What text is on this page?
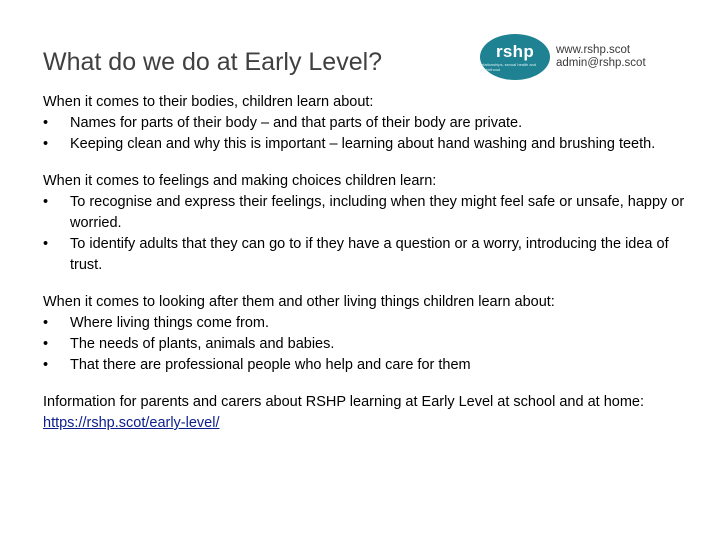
What do we do at Early Level?	rshp
relationships, sexual health and parenthood
www.rshp.scot
admin@rshp.scot
When it comes to their bodies, children learn about:
• Names for parts of their body – and that parts of their body are private.
• Keeping clean and why this is important – learning about hand washing and brushing teeth.
When it comes to feelings and making choices children learn:
• To recognise and express their feelings, including when they might feel safe or unsafe, happy or worried.
• To identify adults that they can go to if they have a question or a worry, introducing the idea of trust.
When it comes to looking after them and other living things children learn about:
• Where living things come from.
• The needs of plants, animals and babies.
• That there are professional people who help and care for them
Information for parents and carers about RSHP learning at Early Level at school and at home: https://rshp.scot/early-level/
